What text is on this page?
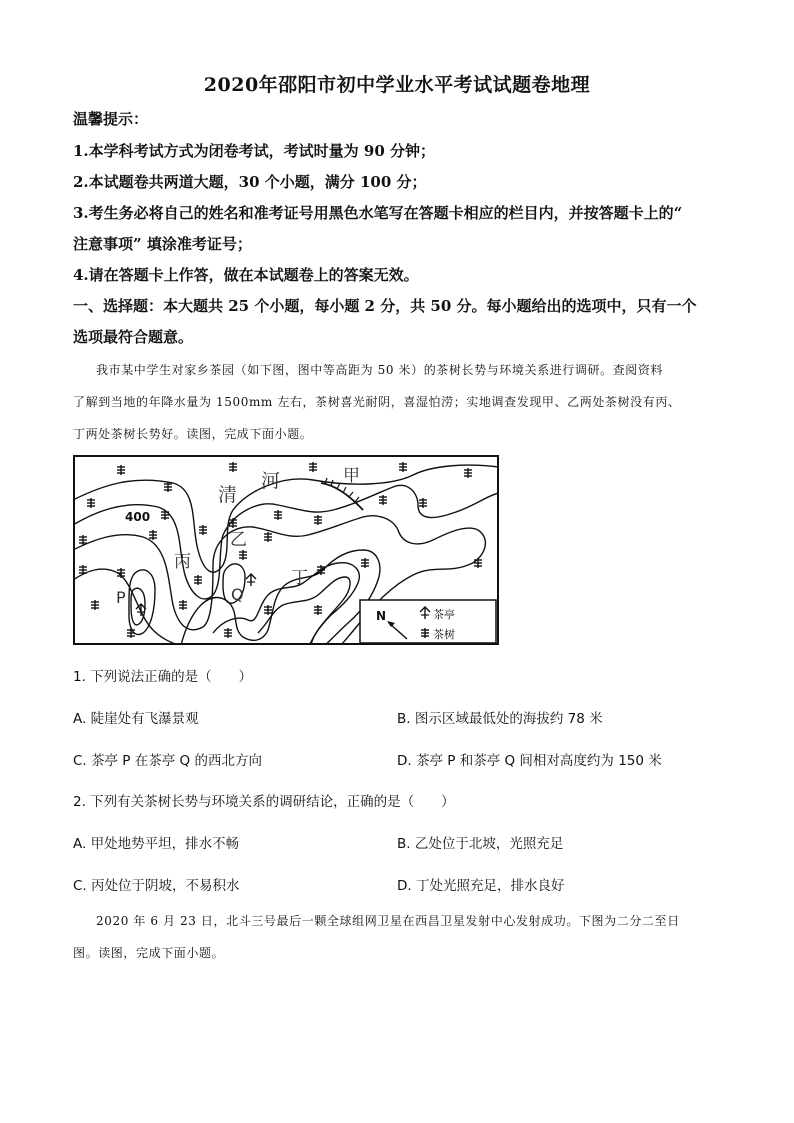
2020年邵阳市初中学业水平考试试题卷地理
温馨提示：
1.本学科考试方式为闭卷考试，考试时量为 90 分钟；
2.本试题卷共两道大题，30 个小题，满分 100 分；
3.考生务必将自己的姓名和准考证号用黑色水笔写在答题卡相应的栏目内，并按答题卡上的“
注意事项” 填涂准考证号；
4.请在答题卡上作答，做在本试题卷上的答案无效。
一、选择题：本大题共 25 个小题，每小题 2 分，共 50 分。每小题给出的选项中，只有一个
选项最符合题意。
我市某中学生对家乡茶园（如下图，图中等高距为 50 米）的茶树长势与环境关系进行调研。查阅资料
了解到当地的年降水量为 1500mm 左右，茶树喜光耐阴，喜湿怕涝；实地调查发现甲、乙两处茶树没有丙、
丁两处茶树长势好。读图，完成下面小题。
400
甲
乙
丙
丁
P	Q
清
河
N	茶亭
茶树
1. 下列说法正确的是（　　）
A. 陡崖处有飞瀑景观	B. 图示区域最低处的海拔约 78 米
C. 茶亭 P 在茶亭 Q 的西北方向	D. 茶亭 P 和茶亭 Q 间相对高度约为 150 米
2. 下列有关茶树长势与环境关系的调研结论，正确的是（　　）
A. 甲处地势平坦，排水不畅	B. 乙处位于北坡，光照充足
C. 丙处位于阴坡，不易积水	D. 丁处光照充足，排水良好
2020 年 6 月 23 日，北斗三号最后一颗全球组网卫星在西昌卫星发射中心发射成功。下图为二分二至日
图。读图，完成下面小题。
